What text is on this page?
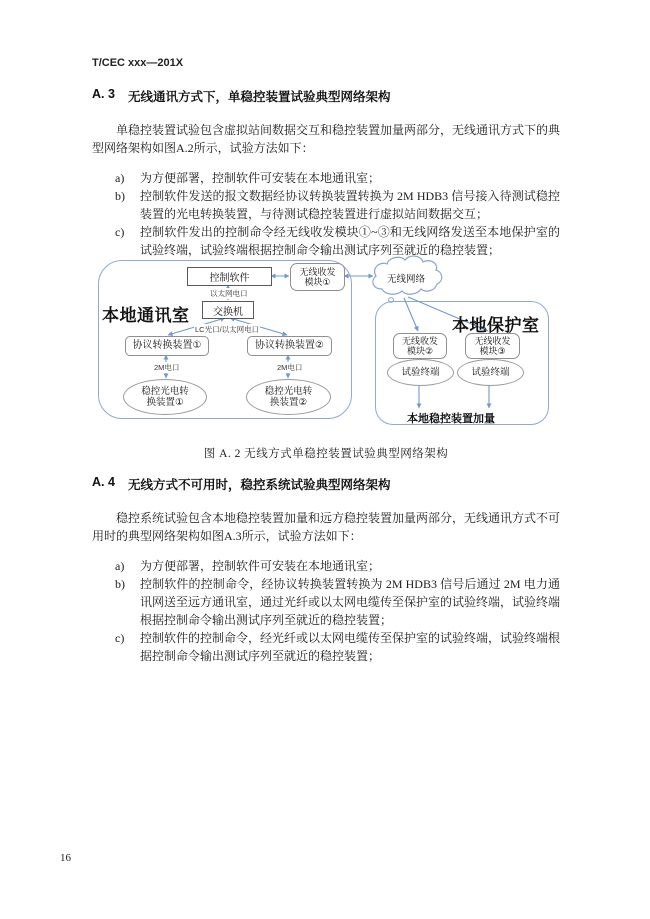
T/CEC xxx—201X
A. 3 无线通讯方式下，单稳控装置试验典型网络架构

单稳控装置试验包含虚拟站间数据交互和稳控装置加量两部分，无线通讯方式下的典型网络架构如图A.2所示，试验方法如下：

a)	为方便部署，控制软件可安装在本地通讯室；
b)	控制软件发送的报文数据经协议转换装置转换为 2M HDB3 信号接入待测试稳控装置的光电转换装置，与待测试稳控装置进行虚拟站间数据交互；
c)	控制软件发出的控制命令经无线收发模块①~③和无线网络发送至本地保护室的试验终端，试验终端根据控制命令输出测试序列至就近的稳控装置；
本地通讯室
本地保护室
控制软件
交换机
协议转换装置①	协议转换装置②
无线收发
模块①
无线收发
模块②
无线收发
模块③
稳控光电转
换装置①
稳控光电转
换装置②
试验终端	试验终端
以太网电口
LC光口/以太网电口
2M电口	2M电口
无线网络
本地稳控装置加量
图 A. 2 无线方式单稳控装置试验典型网络架构
A. 4 无线方式不可用时，稳控系统试验典型网络架构

稳控系统试验包含本地稳控装置加量和远方稳控装置加量两部分，无线通讯方式不可用时的典型网络架构如图A.3所示，试验方法如下：

a)	为方便部署，控制软件可安装在本地通讯室；
b)	控制软件的控制命令，经协议转换装置转换为 2M HDB3 信号后通过 2M 电力通讯网送至远方通讯室，通过光纤或以太网电缆传至保护室的试验终端，试验终端根据控制命令输出测试序列至就近的稳控装置；
c)	控制软件的控制命令，经光纤或以太网电缆传至保护室的试验终端，试验终端根据控制命令输出测试序列至就近的稳控装置；
16
